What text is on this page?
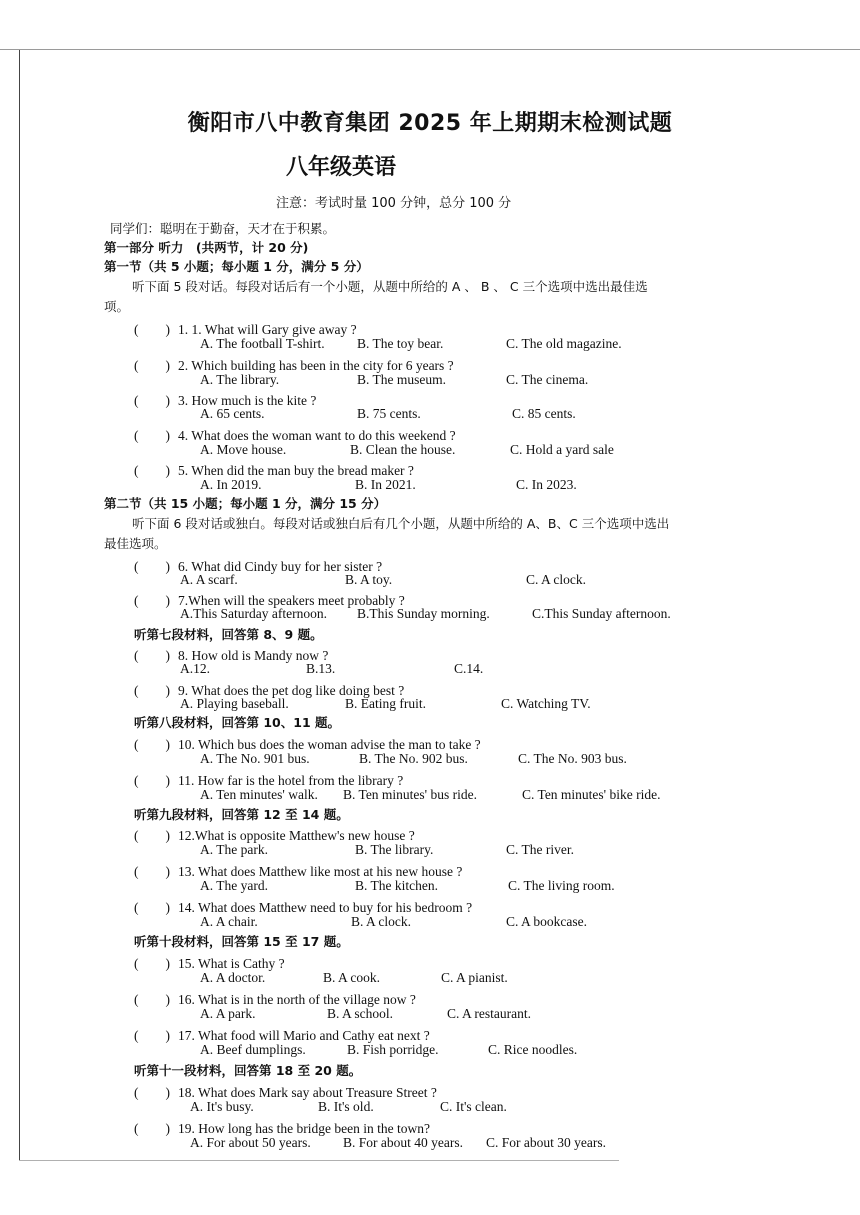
衡阳市八中教育集团 2025 年上期期末检测试题
八年级英语
注意：考试时量 100 分钟，总分 100 分
同学们：聪明在于勤奋，天才在于积累。
第一部分 听力　(共两节，计 20 分)
第一节（共 5 小题；每小题 1 分，满分 5 分）
听下面 5 段对话。每段对话后有一个小题，从题中所给的 A 、 B 、 C 三个选项中选出最佳选
项。
(　　) 1. 1. What will Gary give away ?
A. The football T-shirt. B. The toy bear.	C. The old magazine.
(　　) 2. Which building has been in the city for 6 years ?
A. The library.	B. The museum.	C. The cinema.
(　　) 3. How much is the kite ?
A. 65 cents.	B. 75 cents.	C. 85 cents.
(　　) 4. What does the woman want to do this weekend ?
A. Move house.	B. Clean the house.	C. Hold a yard sale
(　　) 5. When did the man buy the bread maker ?
A. In 2019.	B. In 2021.	C. In 2023.
第二节（共 15 小题；每小题 1 分，满分 15 分）
听下面 6 段对话或独白。每段对话或独白后有几个小题，从题中所给的 A、B、C 三个选项中选出
最佳选项。
(　　) 6. What did Cindy buy for her sister ?
A. A scarf.	B. A toy.	C. A clock.
(　　) 7.When will the speakers meet probably ?
A.This Saturday afternoon. B.This Sunday morning.	C.This Sunday afternoon.
听第七段材料，回答第 8、9 题。
(　　) 8. How old is Mandy now ?
A.12.	B.13.	C.14.
(　　) 9. What does the pet dog like doing best ?
A. Playing baseball.	B. Eating fruit.	C. Watching TV.
听第八段材料，回答第 10、11 题。
(　　) 10. Which bus does the woman advise the man to take ?
A. The No. 901 bus.	B. The No. 902 bus.	C. The No. 903 bus.
(　　) 11. How far is the hotel from the library ?
A. Ten minutes' walk. B. Ten minutes' bus ride.	C. Ten minutes' bike ride.
听第九段材料，回答第 12 至 14 题。
(　　) 12.What is opposite Matthew's new house ?
A. The park.	B. The library.	C. The river.
(　　) 13. What does Matthew like most at his new house ?
A. The yard.	B. The kitchen.	C. The living room.
(　　) 14. What does Matthew need to buy for his bedroom ?
A. A chair.	B. A clock.	C. A bookcase.
听第十段材料，回答第 15 至 17 题。
(　　) 15. What is Cathy ?
A. A doctor.	B. A cook.	C. A pianist.
(　　) 16. What is in the north of the village now ?
A. A park.	B. A school.	C. A restaurant.
(　　) 17. What food will Mario and Cathy eat next ?
A. Beef dumplings.	B. Fish porridge.	C. Rice noodles.
听第十一段材料，回答第 18 至 20 题。
(　　) 18. What does Mark say about Treasure Street ?
A. It's busy.	B. It's old.	C. It's clean.
(　　) 19. How long has the bridge been in the town?
A. For about 50 years. B. For about 40 years. C. For about 30 years.
